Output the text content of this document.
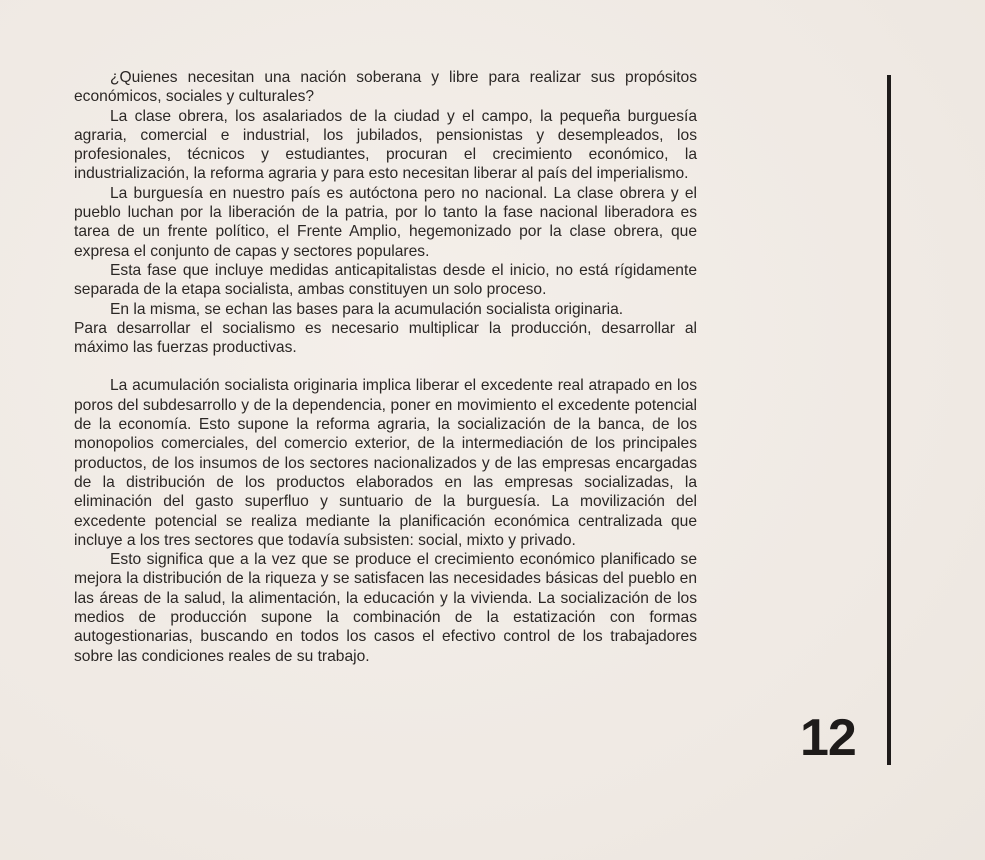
¿Quienes necesitan una nación soberana y libre para realizar sus propósitos económicos, sociales y culturales?

La clase obrera, los asalariados de la ciudad y el campo, la pequeña burguesía agraria, comercial e industrial, los jubilados, pensionistas y desempleados, los profesionales, técnicos y estudiantes, procuran el crecimiento económico, la industrialización, la reforma agraria y para esto necesitan liberar al país del imperialismo.

La burguesía en nuestro país es autóctona pero no nacional. La clase obrera y el pueblo luchan por la liberación de la patria, por lo tanto la fase nacional liberadora es tarea de un frente político, el Frente Amplio, hegemonizado por la clase obrera, que expresa el conjunto de capas y sectores populares.

Esta fase que incluye medidas anticapitalistas desde el inicio, no está rígidamente separada de la etapa socialista, ambas constituyen un solo proceso.

En la misma, se echan las bases para la acumulación socialista originaria.

Para desarrollar el socialismo es necesario multiplicar la producción, desarrollar al máximo las fuerzas productivas.

La acumulación socialista originaria implica liberar el excedente real atrapado en los poros del subdesarrollo y de la dependencia, poner en movimiento el excedente potencial de la economía. Esto supone la reforma agraria, la socialización de la banca, de los monopolios comerciales, del comercio exterior, de la intermediación de los principales productos, de los insumos de los sectores nacionalizados y de las empresas encargadas de la distribución de los productos elaborados en las empresas socializadas, la eliminación del gasto superfluo y suntuario de la burguesía. La movilización del excedente potencial se realiza mediante la planificación económica centralizada que incluye a los tres sectores que todavía subsisten: social, mixto y privado.

Esto significa que a la vez que se produce el crecimiento económico planificado se mejora la distribución de la riqueza y se satisfacen las necesidades básicas del pueblo en las áreas de la salud, la alimentación, la educación y la vivienda. La socialización de los medios de producción supone la combinación de la estatización con formas autogestionarias, buscando en todos los casos el efectivo control de los trabajadores sobre las condiciones reales de su trabajo.

12
